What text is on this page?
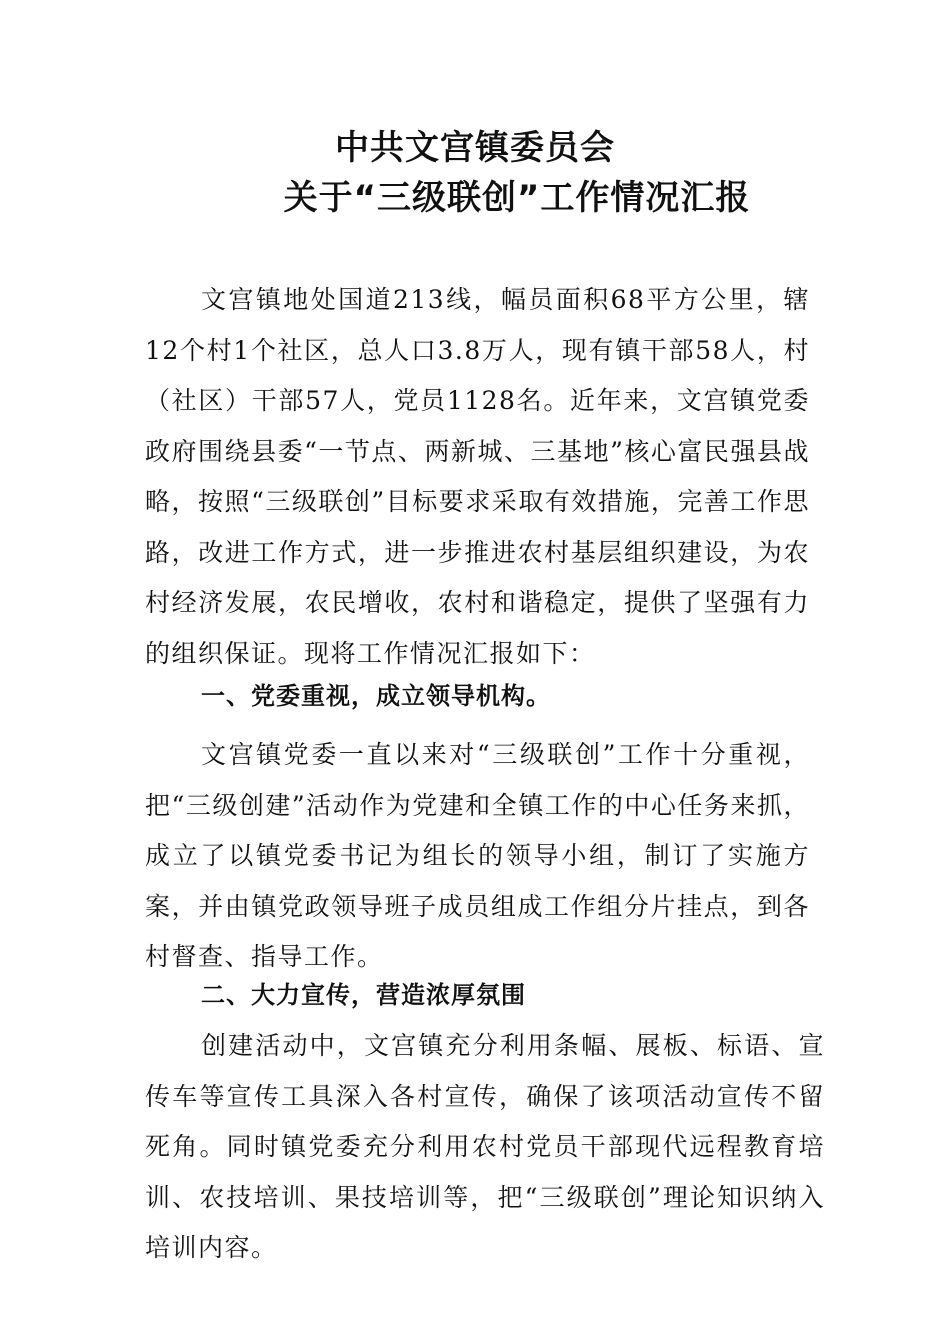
中共文宫镇委员会
关于“三级联创”工作情况汇报

文宫镇地处国道213线，幅员面积68平方公里，辖12个村1个社区，总人口3.8万人，现有镇干部58人，村（社区）干部57人，党员1128名。近年来，文宫镇党委政府围绕县委“一节点、两新城、三基地”核心富民强县战略，按照“三级联创”目标要求采取有效措施，完善工作思路，改进工作方式，进一步推进农村基层组织建设，为农村经济发展，农民增收，农村和谐稳定，提供了坚强有力的组织保证。现将工作情况汇报如下：

一、党委重视，成立领导机构。

文宫镇党委一直以来对“三级联创”工作十分重视，把“三级创建”活动作为党建和全镇工作的中心任务来抓，成立了以镇党委书记为组长的领导小组，制订了实施方案，并由镇党政领导班子成员组成工作组分片挂点，到各村督查、指导工作。

二、大力宣传，营造浓厚氛围

创建活动中，文宫镇充分利用条幅、展板、标语、宣传车等宣传工具深入各村宣传，确保了该项活动宣传不留死角。同时镇党委充分利用农村党员干部现代远程教育培训、农技培训、果技培训等，把“三级联创”理论知识纳入培训内容。
